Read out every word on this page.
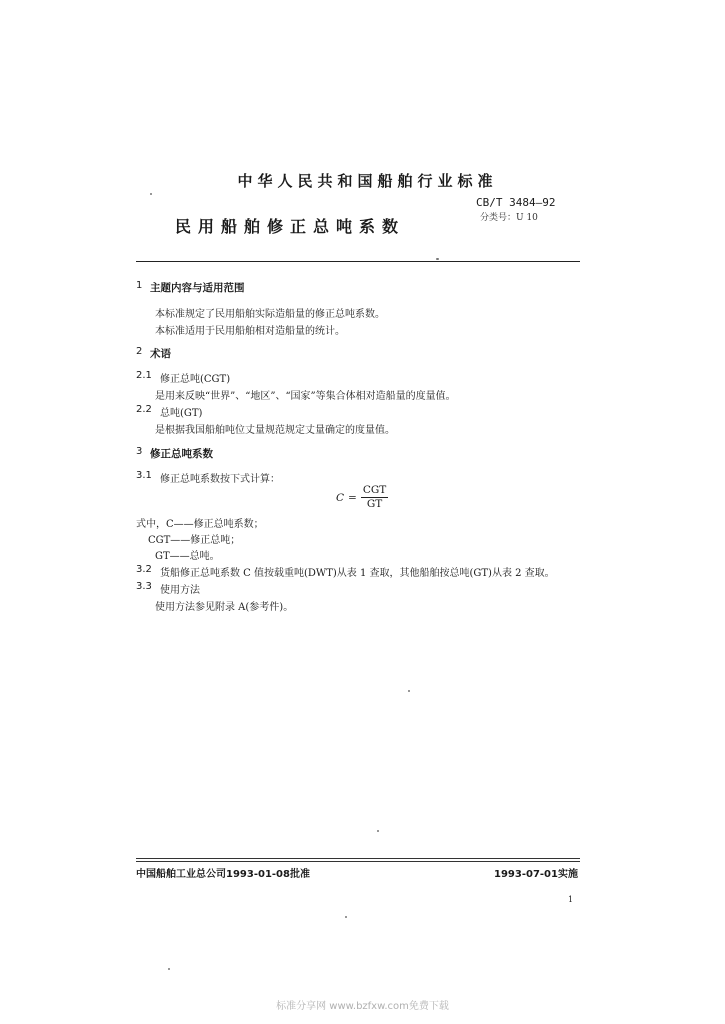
中华人民共和国船舶行业标准
CB/T 3484—92
分类号：U 10
民用船舶修正总吨系数
1 主题内容与适用范围
本标准规定了民用船舶实际造船量的修正总吨系数。
本标准适用于民用船舶相对造船量的统计。
2 术语
2.1 修正总吨(CGT)
是用来反映“世界”、“地区”、“国家”等集合体相对造船量的度量值。
2.2 总吨(GT)
是根据我国船舶吨位丈量规范规定丈量确定的度量值。
3 修正总吨系数
3.1 修正总吨系数按下式计算：
$C = \frac{\text{CGT}}{GT}$
式中，C——修正总吨系数；
CGT——修正总吨；
GT——总吨。
3.2 货船修正总吨系数 C 值按载重吨(DWT)从表 1 查取，其他船舶按总吨(GT)从表 2 查取。
3.3 使用方法
使用方法参见附录 A(参考件)。
中国船舶工业总公司1993-01-08批准	1993-07-01实施
1
标准分享网 www.bzfxw.com免费下载
